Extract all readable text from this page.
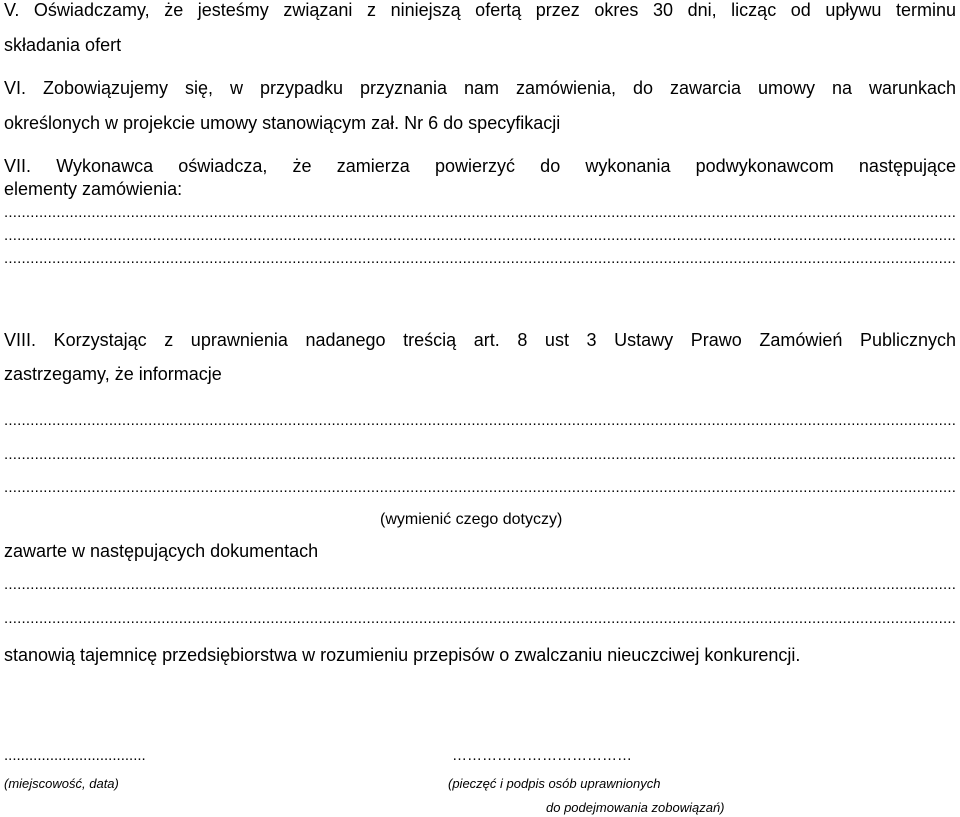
V. Oświadczamy, że jesteśmy związani z niniejszą ofertą przez okres 30 dni, licząc od upływu terminu
składania ofert
VI. Zobowiązujemy się, w przypadku przyznania nam zamówienia, do zawarcia umowy na warunkach
określonych w projekcie umowy stanowiącym zał. Nr 6 do specyfikacji
VII. Wykonawca oświadcza, że zamierza powierzyć do wykonania podwykonawcom następujące
elementy zamówienia:
.....
.....
.....
VIII. Korzystając z uprawnienia nadanego treścią art. 8 ust 3 Ustawy Prawo Zamówień Publicznych
zastrzegamy, że informacje
.....
.....
.....
(wymienić czego dotyczy)
zawarte w następujących dokumentach
.....
.....
stanowią tajemnicę przedsiębiorstwa w rozumieniu przepisów o zwalczaniu nieuczciwej konkurencji.
..................................	………………………………
(miejscowość, data)	(pieczęć i podpis osób uprawnionych
do podejmowania zobowiązań)
